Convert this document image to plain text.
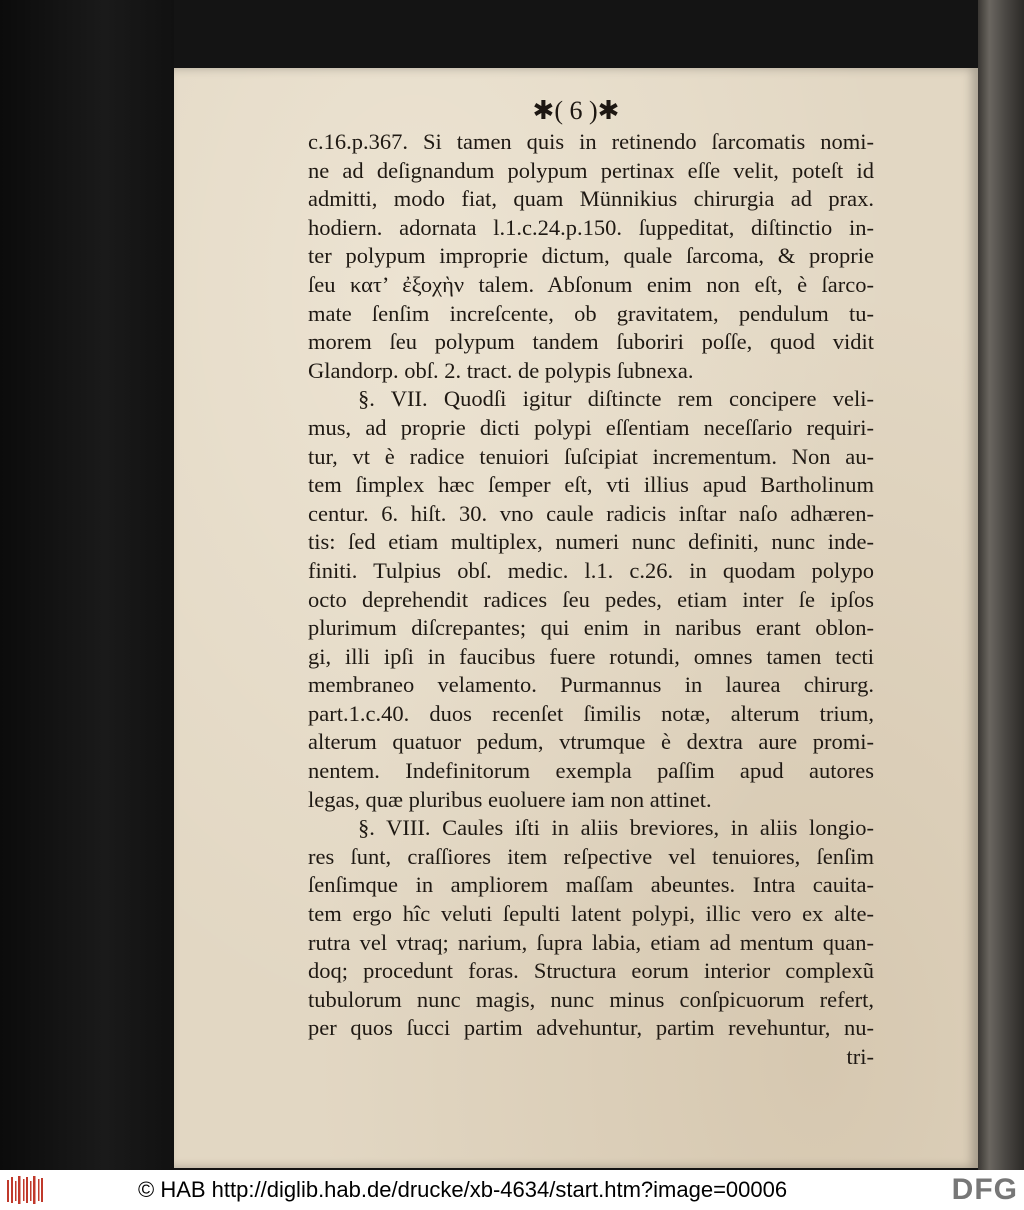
✱( 6 )✱
c.16.p.367. Si tamen quis in retinendo ſarcomatis nomi-
ne ad deſignandum polypum pertinax eſſe velit, poteſt id
admitti, modo fiat, quam Münnikius chirurgia ad prax.
hodiern. adornata l.1.c.24.p.150. ſuppeditat, diſtinctio in-
ter polypum improprie dictum, quale ſarcoma, & proprie
ſeu κατ’ ἐξοχὴν talem. Abſonum enim non eſt, è ſarco-
mate ſenſim increſcente, ob gravitatem, pendulum tu-
morem ſeu polypum tandem ſuboriri poſſe, quod vidit
Glandorp. obſ. 2. tract. de polypis ſubnexa.
§. VII. Quodſi igitur diſtincte rem concipere veli-
mus, ad proprie dicti polypi eſſentiam neceſſario requiri-
tur, vt è radice tenuiori ſuſcipiat incrementum. Non au-
tem ſimplex hæc ſemper eſt, vti illius apud Bartholinum
centur. 6. hiſt. 30. vno caule radicis inſtar naſo adhæren-
tis: ſed etiam multiplex, numeri nunc definiti, nunc inde-
finiti. Tulpius obſ. medic. l.1. c.26. in quodam polypo
octo deprehendit radices ſeu pedes, etiam inter ſe ipſos
plurimum diſcrepantes; qui enim in naribus erant oblon-
gi, illi ipſi in faucibus fuere rotundi, omnes tamen tecti
membraneo velamento. Purmannus in laurea chirurg.
part.1.c.40. duos recenſet ſimilis notæ, alterum trium,
alterum quatuor pedum, vtrumque è dextra aure promi-
nentem. Indefinitorum exempla paſſim apud autores
legas, quæ pluribus euoluere iam non attinet.
§. VIII. Caules iſti in aliis breviores, in aliis longio-
res ſunt, craſſiores item reſpective vel tenuiores, ſenſim
ſenſimque in ampliorem maſſam abeuntes. Intra cauita-
tem ergo hîc veluti ſepulti latent polypi, illic vero ex alte-
rutra vel vtraq; narium, ſupra labia, etiam ad mentum quan-
doq; procedunt foras. Structura eorum interior complexũ
tubulorum nunc magis, nunc minus conſpicuorum refert,
per quos ſucci partim advehuntur, partim revehuntur, nu-
tri-
© HAB http://diglib.hab.de/drucke/xb-4634/start.htm?image=00006	DFG
